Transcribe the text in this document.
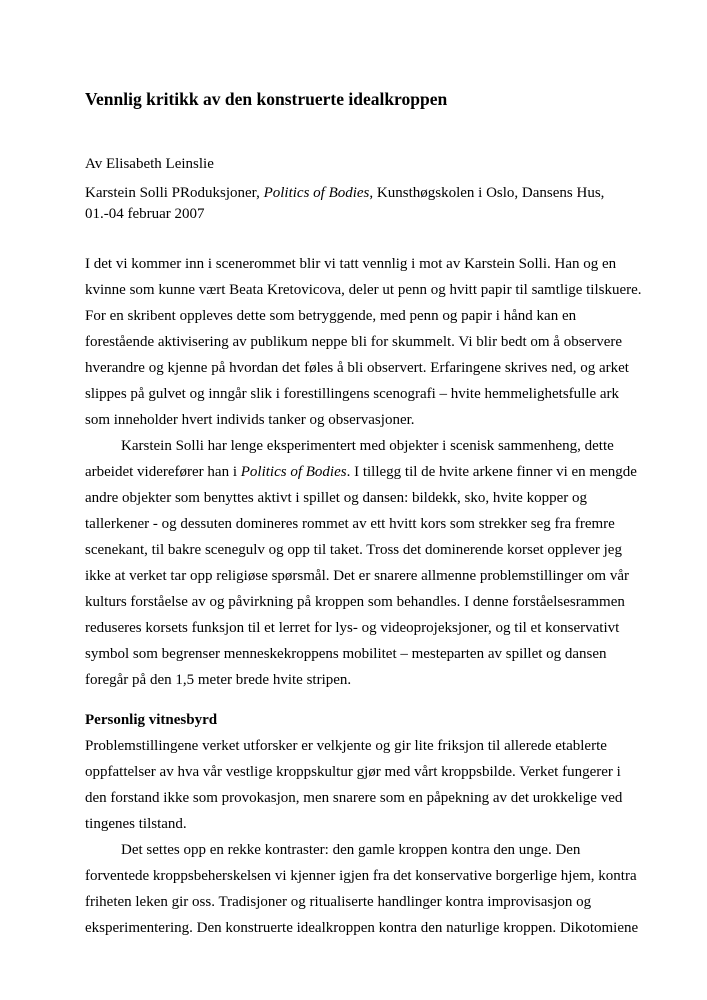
Vennlig kritikk av den konstruerte idealkroppen
Av Elisabeth Leinslie
Karstein Solli PRoduksjoner, Politics of Bodies, Kunsthøgskolen i Oslo, Dansens Hus, 01.-04 februar 2007

I det vi kommer inn i scenerommet blir vi tatt vennlig i mot av Karstein Solli. Han og en kvinne som kunne vært Beata Kretovicova, deler ut penn og hvitt papir til samtlige tilskuere. For en skribent oppleves dette som betryggende, med penn og papir i hånd kan en forestående aktivisering av publikum neppe bli for skummelt. Vi blir bedt om å observere hverandre og kjenne på hvordan det føles å bli observert. Erfaringene skrives ned, og arket slippes på gulvet og inngår slik i forestillingens scenografi – hvite hemmelighetsfulle ark som inneholder hvert individs tanker og observasjoner.

Karstein Solli har lenge eksperimentert med objekter i scenisk sammenheng, dette arbeidet viderefører han i Politics of Bodies. I tillegg til de hvite arkene finner vi en mengde andre objekter som benyttes aktivt i spillet og dansen: bildekk, sko, hvite kopper og tallerkener - og dessuten domineres rommet av ett hvitt kors som strekker seg fra fremre scenekant, til bakre scenegulv og opp til taket. Tross det dominerende korset opplever jeg ikke at verket tar opp religiøse spørsmål. Det er snarere allmenne problemstillinger om vår kulturs forståelse av og påvirkning på kroppen som behandles. I denne forståelsesrammen reduseres korsets funksjon til et lerret for lys- og videoprojeksjoner, og til et konservativt symbol som begrenser menneskekroppens mobilitet – mesteparten av spillet og dansen foregår på den 1,5 meter brede hvite stripen.

Personlig vitnesbyrd

Problemstillingene verket utforsker er velkjente og gir lite friksjon til allerede etablerte oppfattelser av hva vår vestlige kroppskultur gjør med vårt kroppsbilde. Verket fungerer i den forstand ikke som provokasjon, men snarere som en påpekning av det urokkelige ved tingenes tilstand.

Det settes opp en rekke kontraster: den gamle kroppen kontra den unge. Den forventede kroppsbeherskelsen vi kjenner igjen fra det konservative borgerlige hjem, kontra friheten leken gir oss. Tradisjoner og ritualiserte handlinger kontra improvisasjon og eksperimentering. Den konstruerte idealkroppen kontra den naturlige kroppen. Dikotomiene
